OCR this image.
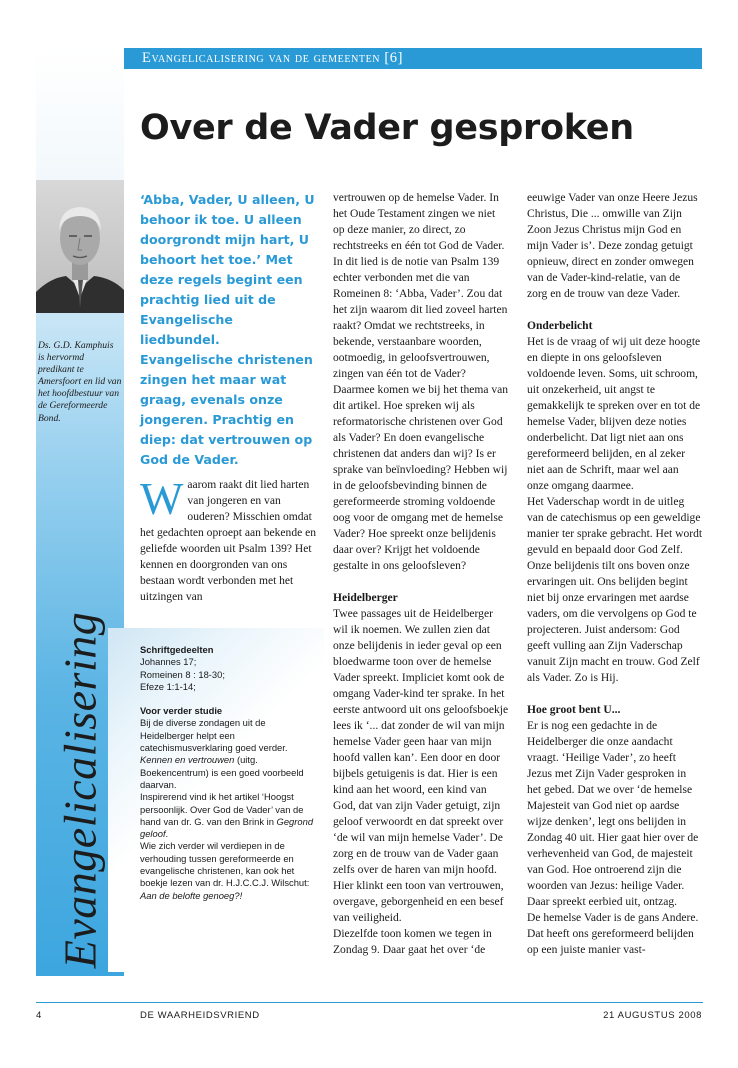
Evangelicalisering van de gemeenten [6]
Over de Vader gesproken
Ds. G.D. Kamphuis is hervormd predikant te Amersfoort en lid van het hoofdbestuur van de Gereformeerde Bond.
Evangelicalisering

‘Abba, Vader, U alleen, U behoor ik toe. U alleen doorgrondt mijn hart, U behoort het toe.’ Met deze regels begint een prachtig lied uit de Evangelische liedbundel. Evangelische christenen zingen het maar wat graag, evenals onze jongeren. Prachtig en diep: dat vertrouwen op God de Vader.

Waarom raakt dit lied harten van jongeren en van ouderen? Misschien omdat het gedachten oproept aan bekende en geliefde woorden uit Psalm 139? Het kennen en doorgronden van ons bestaan wordt verbonden met het uitzingen van

Schriftgedeelten

Johannes 17;

Romeinen 8 : 18-30;

Efeze 1:1-14;

Voor verder studie

Bij de diverse zondagen uit de Heidelberger helpt een catechismusverklaring goed verder. Kennen en vertrouwen (uitg. Boekencentrum) is een goed voorbeeld daarvan.

Inspirerend vind ik het artikel ‘Hoogst persoonlijk. Over God de Vader’ van de hand van dr. G. van den Brink in Gegrond geloof.

Wie zich verder wil verdiepen in de verhouding tussen gereformeerde en evangelische christenen, kan ook het boekje lezen van dr. H.J.C.C.J. Wilschut: Aan de belofte genoeg?!

vertrouwen op de hemelse Vader. In het Oude Testament zingen we niet op deze manier, zo direct, zo rechtstreeks en één tot God de Vader. In dit lied is de notie van Psalm 139 echter verbonden met die van Romeinen 8: ‘Abba, Vader’. Zou dat het zijn waarom dit lied zoveel harten raakt? Omdat we rechtstreeks, in bekende, verstaanbare woorden, ootmoedig, in geloofsvertrouwen, zingen van één tot de Vader?

Daarmee komen we bij het thema van dit artikel. Hoe spreken wij als reformatorische christenen over God als Vader? En doen evangelische christenen dat anders dan wij? Is er sprake van beïnvloeding? Hebben wij in de geloofsbevinding binnen de gereformeerde stroming voldoende oog voor de omgang met de hemelse Vader? Hoe spreekt onze belijdenis daar over? Krijgt het voldoende gestalte in ons geloofsleven?

Heidelberger

Twee passages uit de Heidelberger wil ik noemen. We zullen zien dat onze belijdenis in ieder geval op een bloedwarme toon over de hemelse Vader spreekt. Impliciet komt ook de omgang Vader-kind ter sprake. In het eerste antwoord uit ons geloofsboekje lees ik ‘... dat zonder de wil van mijn hemelse Vader geen haar van mijn hoofd vallen kan’. Een door en door bijbels getuigenis is dat. Hier is een kind aan het woord, een kind van God, dat van zijn Vader getuigt, zijn geloof verwoordt en dat spreekt over ‘de wil van mijn hemelse Vader’. De zorg en de trouw van de Vader gaan zelfs over de haren van mijn hoofd. Hier klinkt een toon van vertrouwen, overgave, geborgenheid en een besef van veiligheid.

Diezelfde toon komen we tegen in Zondag 9. Daar gaat het over ‘de

eeuwige Vader van onze Heere Jezus Christus, Die ... omwille van Zijn Zoon Jezus Christus mijn God en mijn Vader is’. Deze zondag getuigt opnieuw, direct en zonder omwegen van de Vader-kind-relatie, van de zorg en de trouw van deze Vader.

Onderbelicht

Het is de vraag of wij uit deze hoogte en diepte in ons geloofsleven voldoende leven. Soms, uit schroom, uit onzekerheid, uit angst te gemakkelijk te spreken over en tot de hemelse Vader, blijven deze noties onderbelicht. Dat ligt niet aan ons gereformeerd belijden, en al zeker niet aan de Schrift, maar wel aan onze omgang daarmee.

Het Vaderschap wordt in de uitleg van de catechismus op een geweldige manier ter sprake gebracht. Het wordt gevuld en bepaald door God Zelf. Onze belijdenis tilt ons boven onze ervaringen uit. Ons belijden begint niet bij onze ervaringen met aardse vaders, om die vervolgens op God te projecteren. Juist andersom: God geeft vulling aan Zijn Vaderschap vanuit Zijn macht en trouw. God Zelf als Vader. Zo is Hij.

Hoe groot bent U...

Er is nog een gedachte in de Heidelberger die onze aandacht vraagt. ‘Heilige Vader’, zo heeft Jezus met Zijn Vader gesproken in het gebed. Dat we over ‘de hemelse Majesteit van God niet op aardse wijze denken’, legt ons belijden in Zondag 40 uit. Hier gaat hier over de verhevenheid van God, de majesteit van God. Hoe ontroerend zijn die woorden van Jezus: heilige Vader. Daar spreekt eerbied uit, ontzag.

De hemelse Vader is de gans Andere. Dat heeft ons gereformeerd belijden op een juiste manier vast-

4	DE WAARHEIDSVRIEND	21 AUGUSTUS 2008
